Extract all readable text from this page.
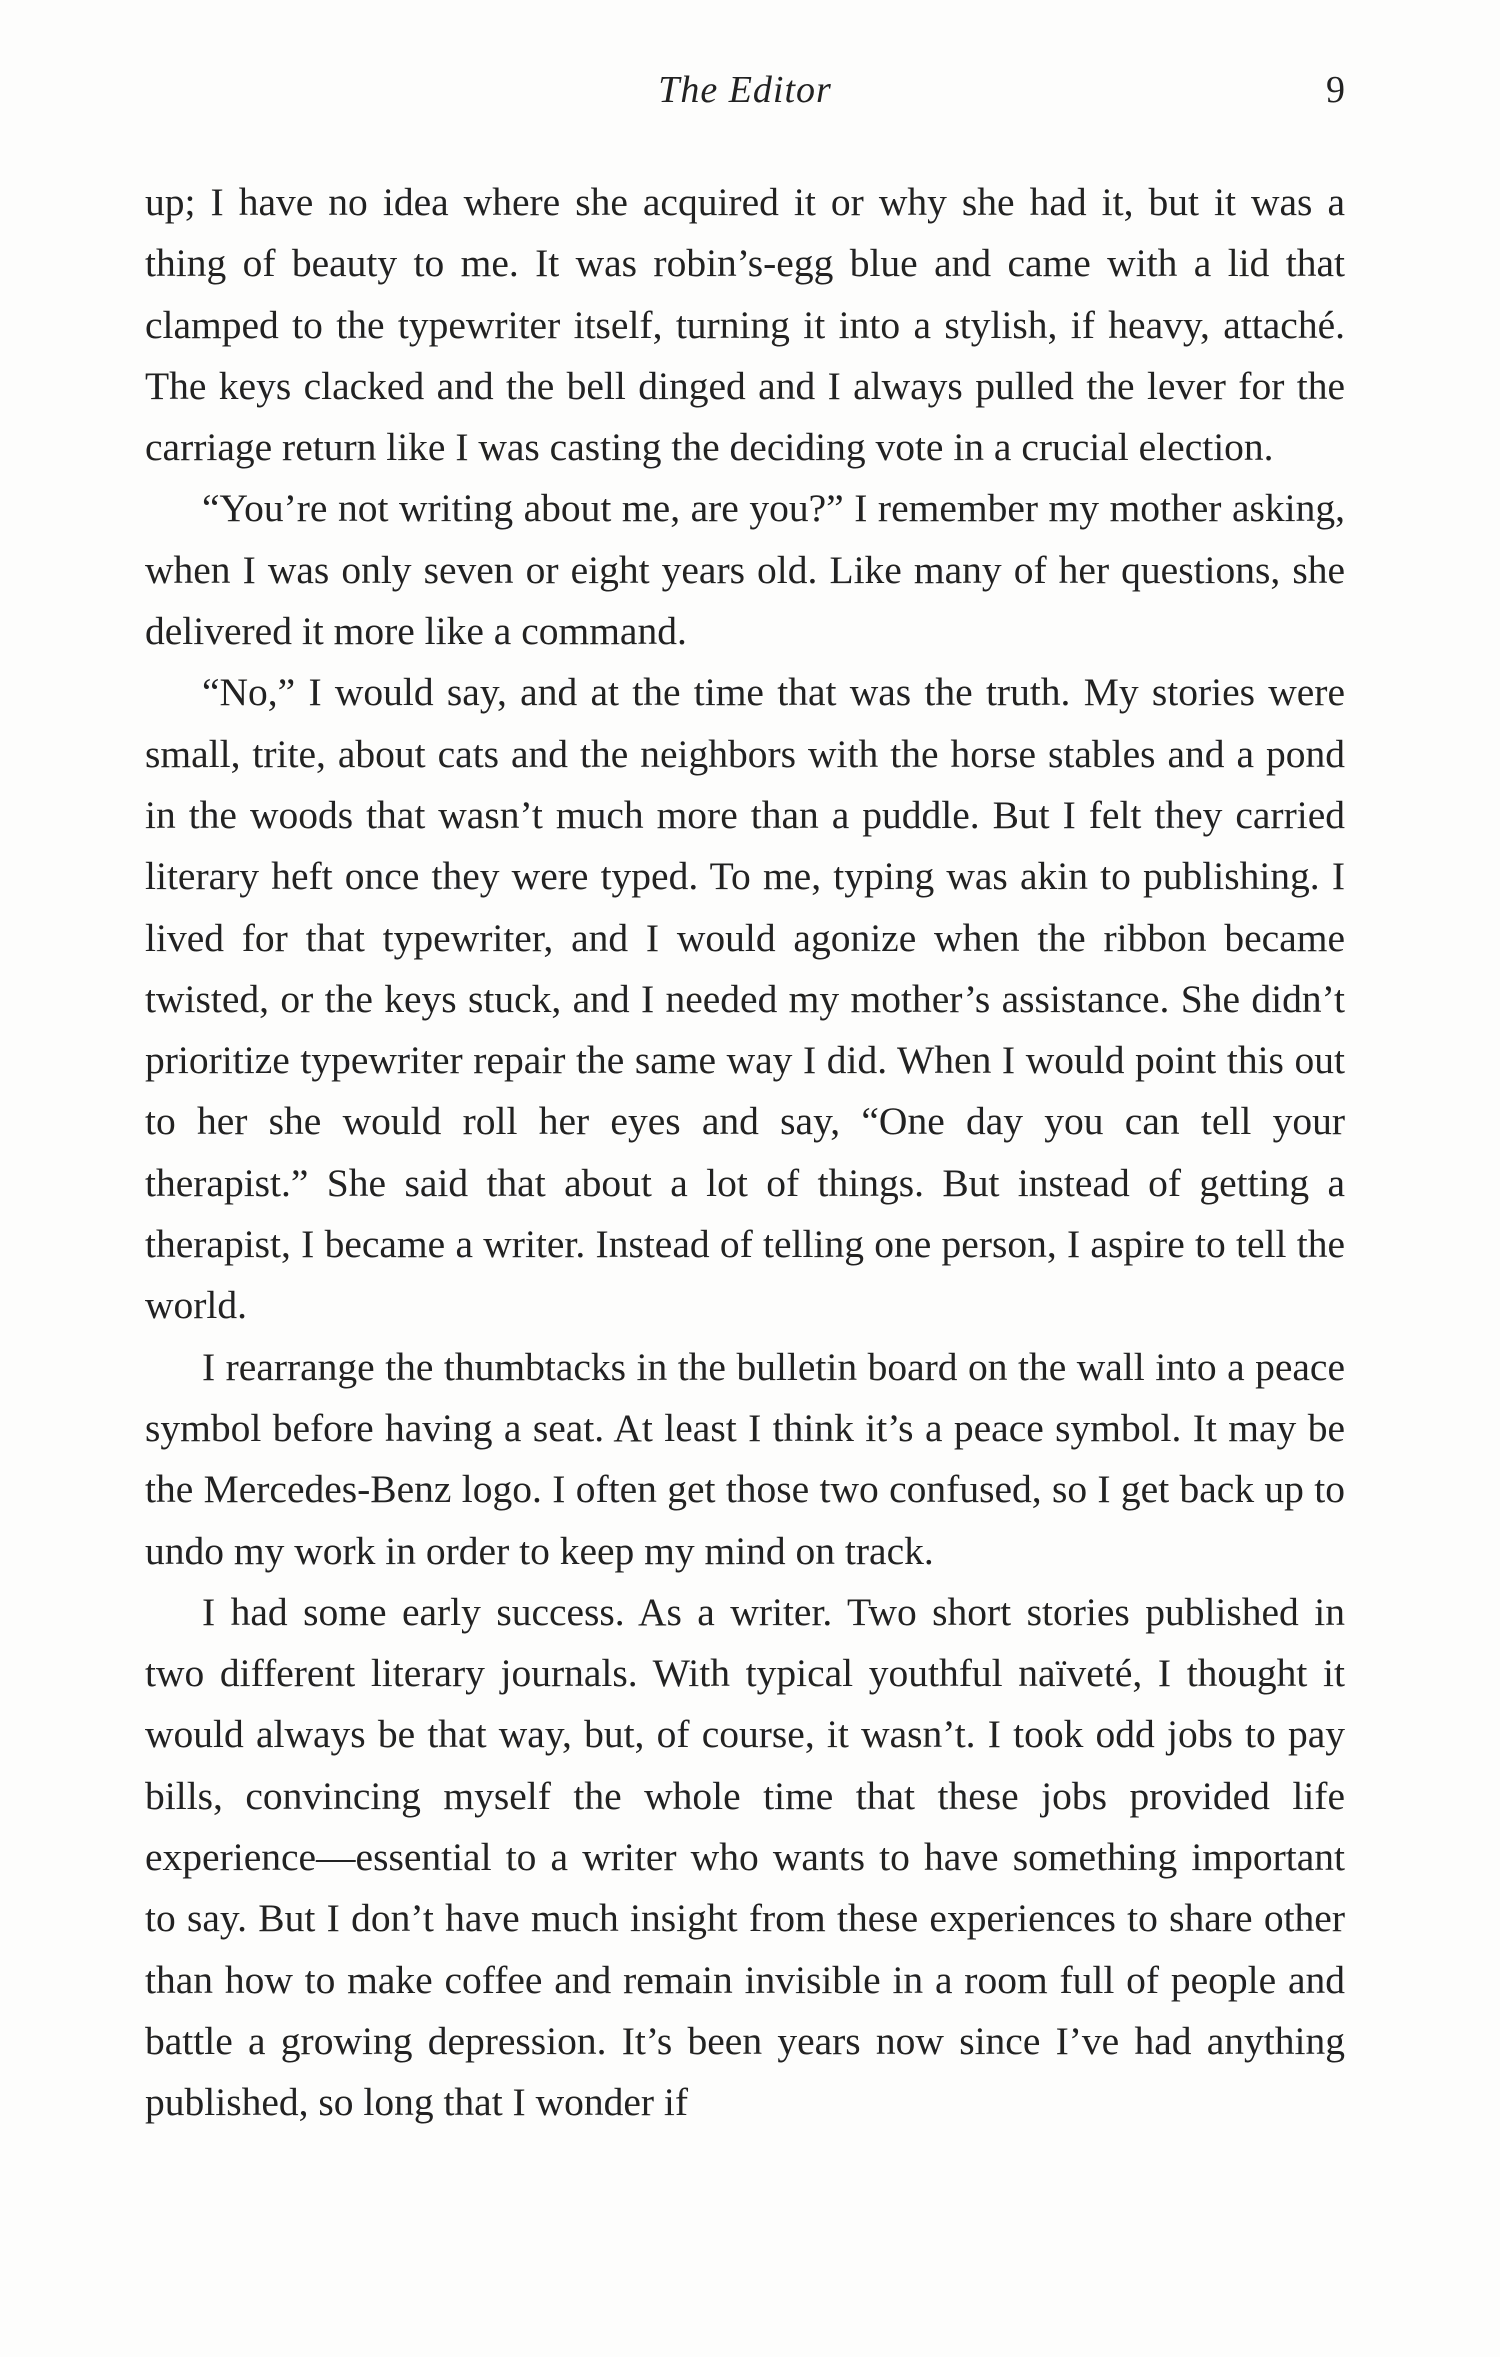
The Editor	9

up; I have no idea where she acquired it or why she had it, but it was a thing of beauty to me. It was robin’s-egg blue and came with a lid that clamped to the typewriter itself, turning it into a stylish, if heavy, attaché. The keys clacked and the bell dinged and I always pulled the lever for the carriage return like I was casting the deciding vote in a crucial election.

“You’re not writing about me, are you?” I remember my mother asking, when I was only seven or eight years old. Like many of her questions, she delivered it more like a command.

“No,” I would say, and at the time that was the truth. My stories were small, trite, about cats and the neighbors with the horse stables and a pond in the woods that wasn’t much more than a puddle. But I felt they carried literary heft once they were typed. To me, typing was akin to publishing. I lived for that typewriter, and I would agonize when the ribbon became twisted, or the keys stuck, and I needed my mother’s assistance. She didn’t prioritize typewriter repair the same way I did. When I would point this out to her she would roll her eyes and say, “One day you can tell your therapist.” She said that about a lot of things. But instead of getting a therapist, I became a writer. Instead of telling one person, I aspire to tell the world.

I rearrange the thumbtacks in the bulletin board on the wall into a peace symbol before having a seat. At least I think it’s a peace symbol. It may be the Mercedes-Benz logo. I often get those two confused, so I get back up to undo my work in order to keep my mind on track.

I had some early success. As a writer. Two short stories published in two different literary journals. With typical youthful naïveté, I thought it would always be that way, but, of course, it wasn’t. I took odd jobs to pay bills, convincing myself the whole time that these jobs provided life experience—essential to a writer who wants to have something important to say. But I don’t have much insight from these experiences to share other than how to make coffee and remain invisible in a room full of people and battle a growing depression. It’s been years now since I’ve had anything published, so long that I wonder if
